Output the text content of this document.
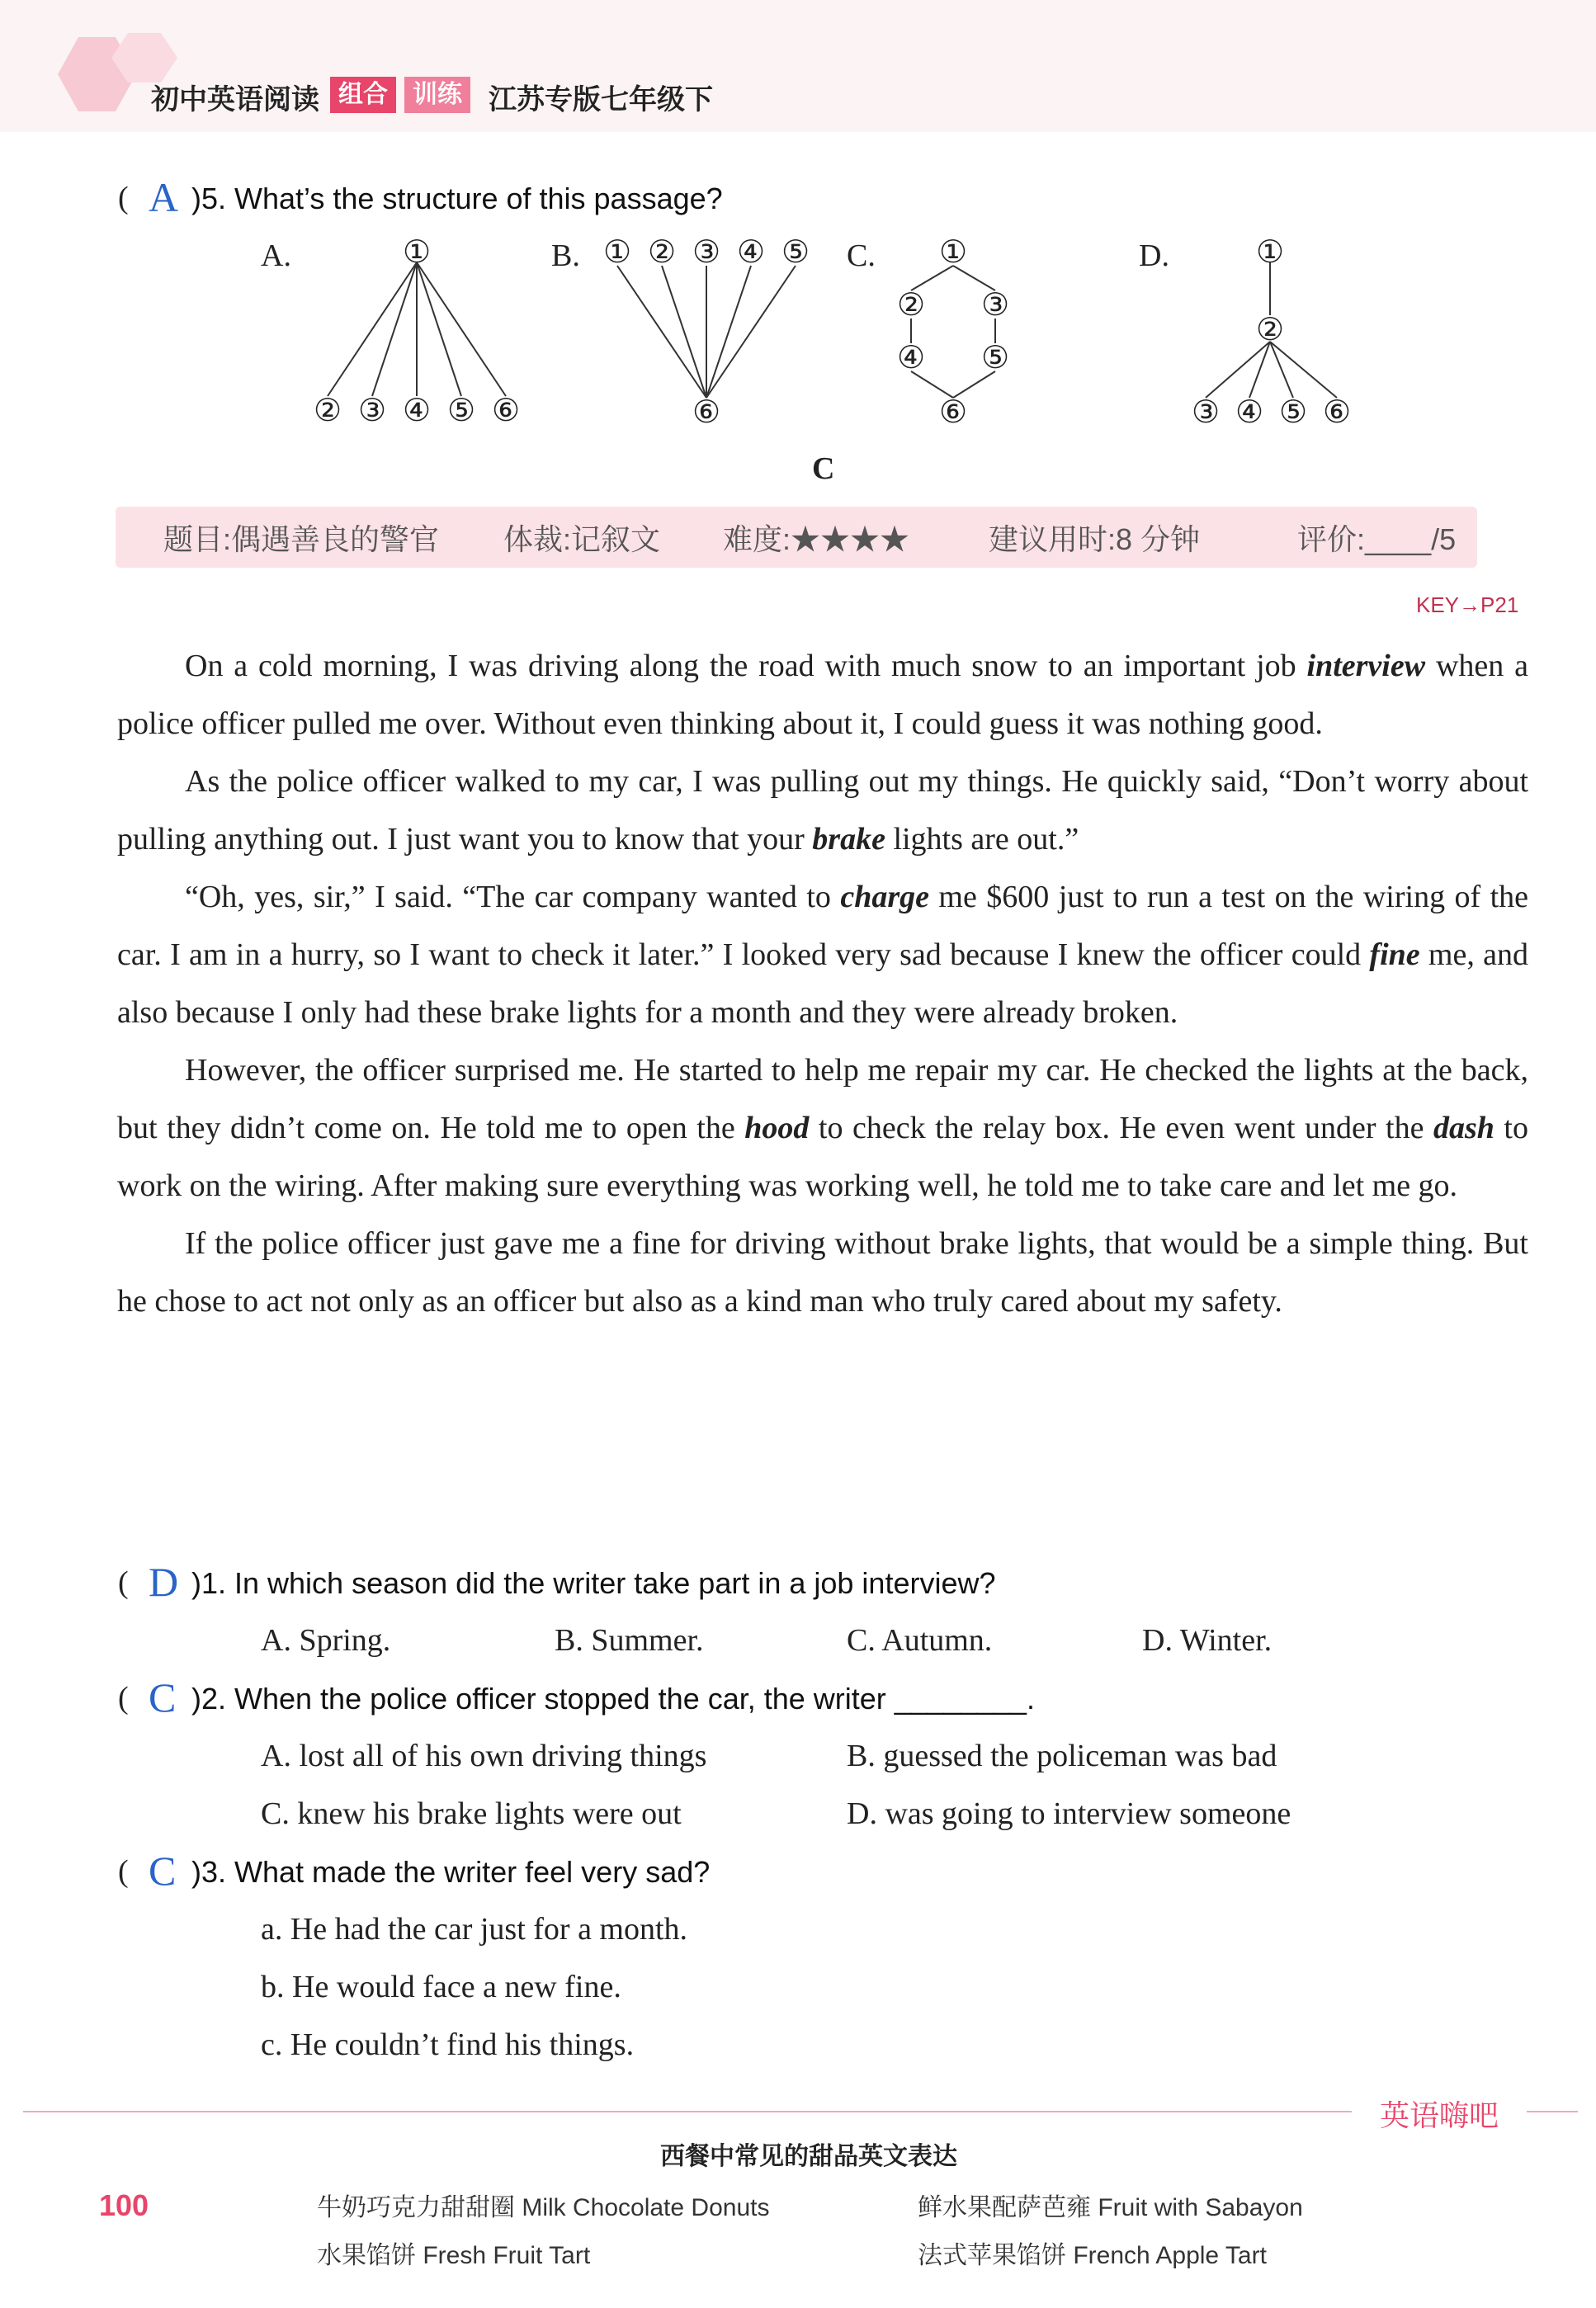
初中英语阅读 组合	训练 江苏专版七年级下
( A )5. What’s the structure of this passage?
A.	B.	C.	D.
①
② ③ ④ ⑤ ⑥
① ② ③ ④ ⑤
⑥
①
② ③
④ ⑤
⑥
①
②
③ ④ ⑤ ⑥
C
题目:偶遇善良的警官 体裁:记叙文 难度:★★★★	建议用时:8 分钟	评价:____/5
KEY→P21

On a cold morning, I was driving along the road with much snow to an important job interview when a police officer pulled me over. Without even thinking about it, I could guess it was nothing good.

As the police officer walked to my car, I was pulling out my things. He quickly said, “Don’t worry about pulling anything out. I just want you to know that your brake lights are out.”

“Oh, yes, sir,” I said. “The car company wanted to charge me $600 just to run a test on the wiring of the car. I am in a hurry, so I want to check it later.” I looked very sad because I knew the officer could fine me, and also because I only had these brake lights for a month and they were already broken.

However, the officer surprised me. He started to help me repair my car. He checked the lights at the back, but they didn’t come on. He told me to open the hood to check the relay box. He even went under the dash to work on the wiring. After making sure everything was working well, he told me to take care and let me go.

If the police officer just gave me a fine for driving without brake lights, that would be a simple thing. But he chose to act not only as an officer but also as a kind man who truly cared about my safety.

( D )1. In which season did the writer take part in a job interview?
A. Spring.	B. Summer.	C. Autumn.	D. Winter.
( C )2. When the police officer stopped the car, the writer ________.
A. lost all of his own driving things	B. guessed the policeman was bad
C. knew his brake lights were out	D. was going to interview someone
( C )3. What made the writer feel very sad?
a. He had the car just for a month.
b. He would face a new fine.
c. He couldn’t find his things.
英语嗨吧
西餐中常见的甜品英文表达
100	牛奶巧克力甜甜圈 Milk Chocolate Donuts	鲜水果配萨芭雍 Fruit with Sabayon
水果馅饼 Fresh Fruit Tart	法式苹果馅饼 French Apple Tart
